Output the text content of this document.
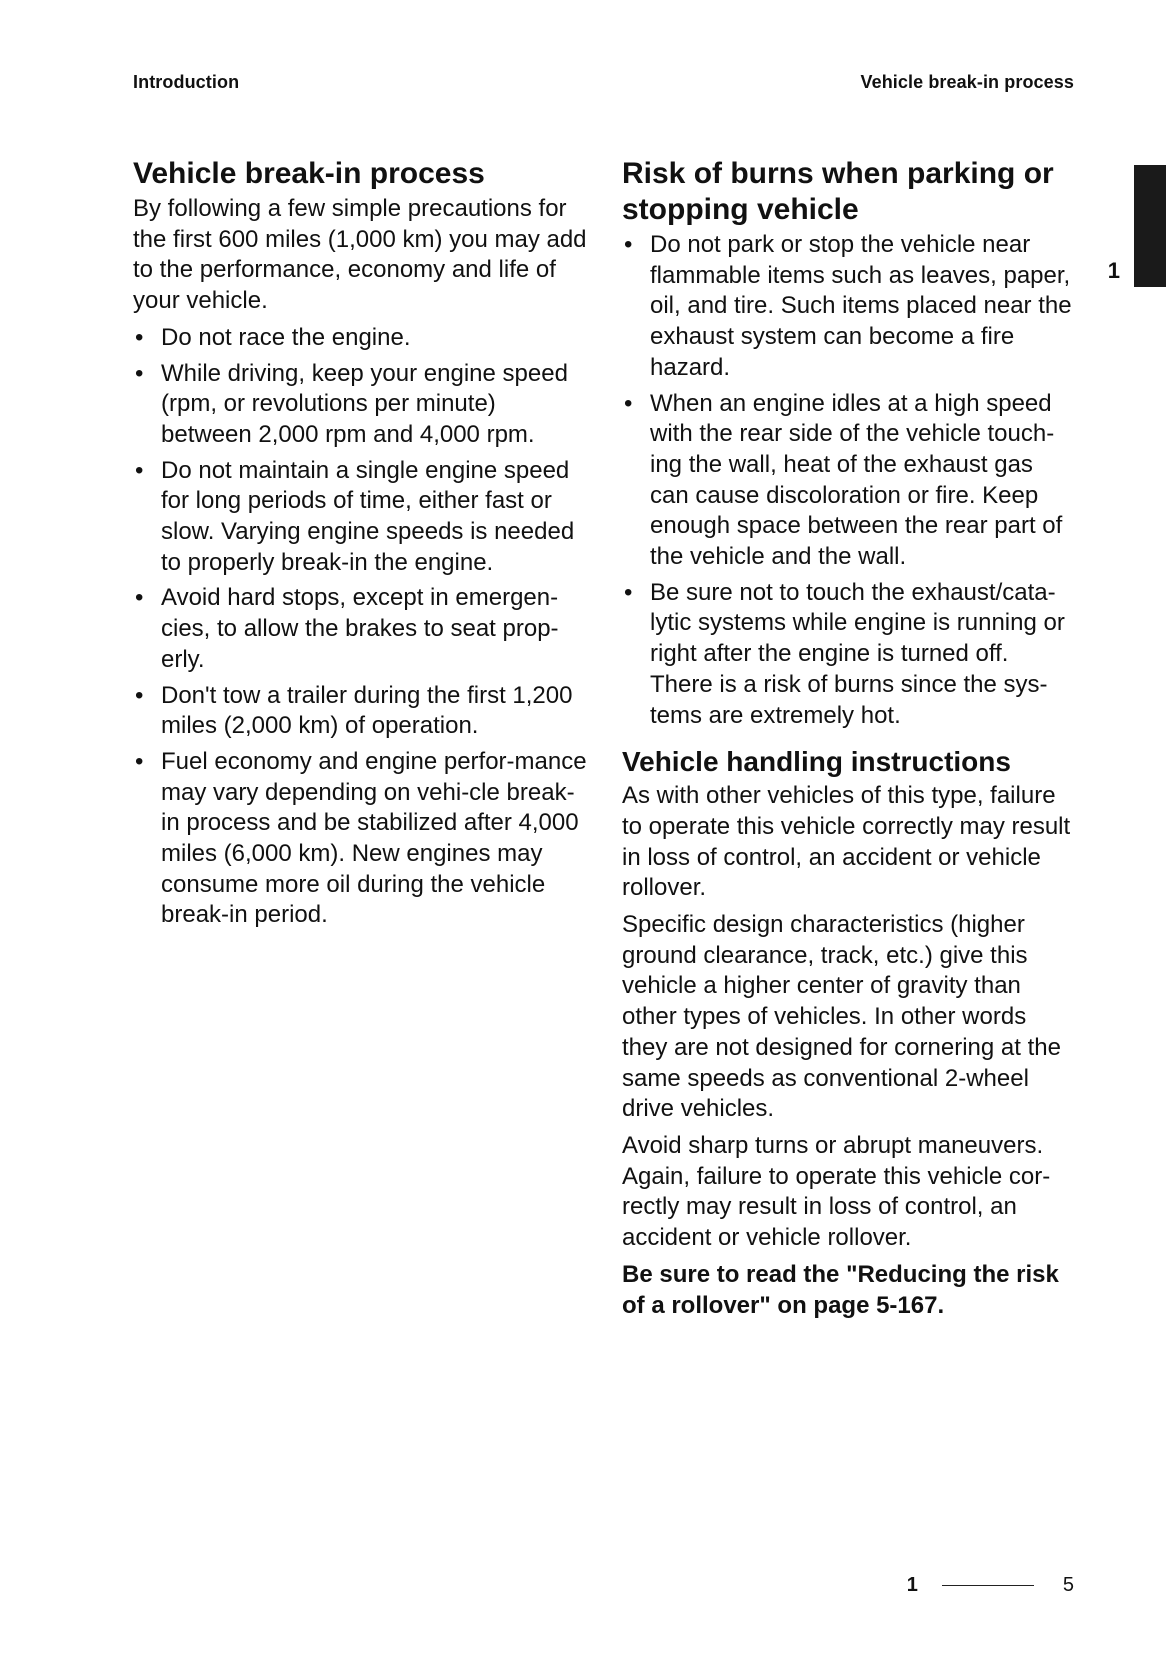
Introduction	Vehicle break-in process
1
Vehicle break-in process

By following a few simple precautions for the first 600 miles (1,000 km) you may add to the performance, economy and life of your vehicle.

• Do not race the engine.
• While driving, keep your engine speed (rpm, or revolutions per minute) between 2,000 rpm and 4,000 rpm.
• Do not maintain a single engine speed for long periods of time, either fast or slow. Varying engine speeds is needed to properly break-in the engine.
• Avoid hard stops, except in emergen-cies, to allow the brakes to seat prop-erly.
• Don't tow a trailer during the first 1,200 miles (2,000 km) of operation.
• Fuel economy and engine perfor-mance may vary depending on vehi-cle break-in process and be stabilized after 4,000 miles (6,000 km). New engines may consume more oil during the vehicle break-in period.
Risk of burns when parking or stopping vehicle
• Do not park or stop the vehicle near flammable items such as leaves, paper, oil, and tire. Such items placed near the exhaust system can become a fire hazard.
• When an engine idles at a high speed with the rear side of the vehicle touch-ing the wall, heat of the exhaust gas can cause discoloration or fire. Keep enough space between the rear part of the vehicle and the wall.
• Be sure not to touch the exhaust/cata-lytic systems while engine is running or right after the engine is turned off. There is a risk of burns since the sys-tems are extremely hot.
Vehicle handling instructions

As with other vehicles of this type, failure to operate this vehicle correctly may result in loss of control, an accident or vehicle rollover.

Specific design characteristics (higher ground clearance, track, etc.) give this vehicle a higher center of gravity than other types of vehicles. In other words they are not designed for cornering at the same speeds as conventional 2-wheel drive vehicles.

Avoid sharp turns or abrupt maneuvers. Again, failure to operate this vehicle cor-rectly may result in loss of control, an accident or vehicle rollover.

Be sure to read the "Reducing the risk of a rollover" on page 5-167.

1	5
